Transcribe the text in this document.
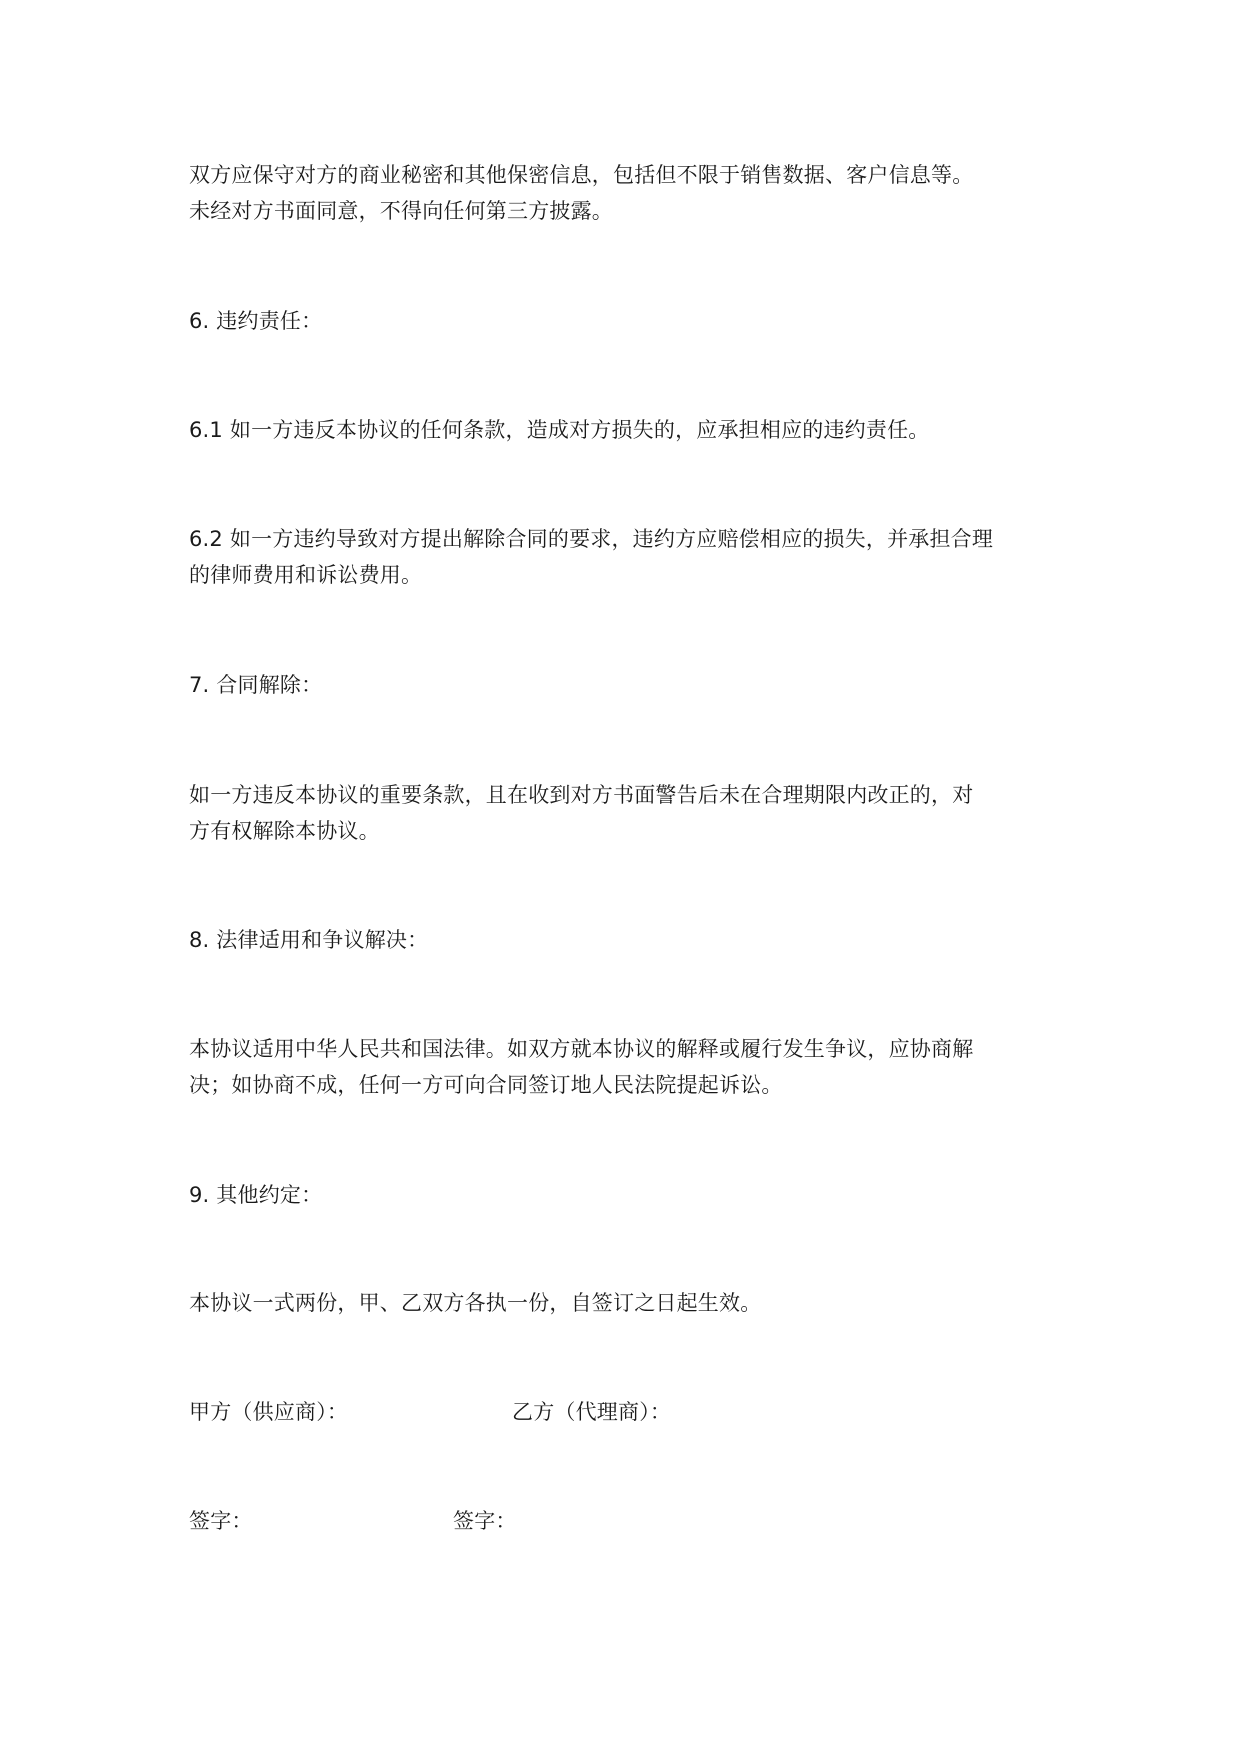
双方应保守对方的商业秘密和其他保密信息，包括但不限于销售数据、客户信息等。
未经对方书面同意，不得向任何第三方披露。
6. 违约责任：
6.1 如一方违反本协议的任何条款，造成对方损失的，应承担相应的违约责任。
6.2 如一方违约导致对方提出解除合同的要求，违约方应赔偿相应的损失，并承担合理
的律师费用和诉讼费用。
7. 合同解除：
如一方违反本协议的重要条款，且在收到对方书面警告后未在合理期限内改正的，对
方有权解除本协议。
8. 法律适用和争议解决：
本协议适用中华人民共和国法律。如双方就本协议的解释或履行发生争议，应协商解
决；如协商不成，任何一方可向合同签订地人民法院提起诉讼。
9. 其他约定：
本协议一式两份，甲、乙双方各执一份，自签订之日起生效。
甲方（供应商）：	乙方（代理商）：
签字：	签字：
